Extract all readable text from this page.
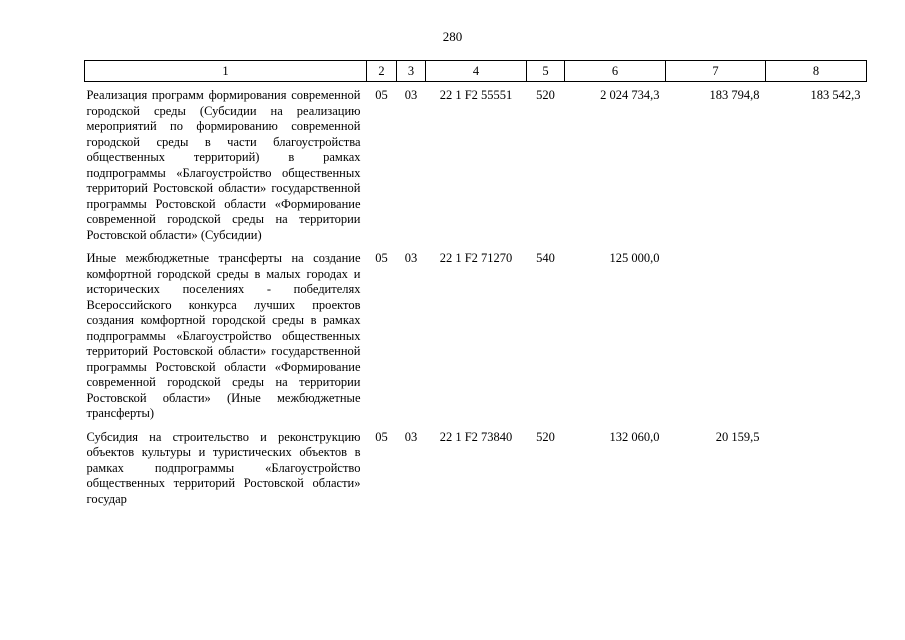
280
1	2	3	4	5	6	7	8
Реализация программ формирования современной городской среды (Субсидии на реализацию мероприятий по формированию современной городской среды в части благоустройства общественных территорий) в рамках подпрограммы «Благоустройство общественных территорий Ростовской области» государственной программы Ростовской области «Формирование современной городской среды на территории Ростовской области» (Субсидии)	05	03	22 1 F2 55551	520	2 024 734,3	183 794,8	183 542,3
Иные межбюджетные трансферты на создание комфортной городской среды в малых городах и исторических поселениях - победителях Всероссийского конкурса лучших проектов создания комфортной городской среды в рамках подпрограммы «Благоустройство общественных территорий Ростовской области» государственной программы Ростовской области «Формирование современной городской среды на территории Ростовской области» (Иные межбюджетные трансферты)	05	03	22 1 F2 71270	540	125 000,0		
Субсидия на строительство и реконструкцию объектов культуры и туристических объектов в рамках подпрограммы «Благоустройство общественных территорий Ростовской области» государ	05	03	22 1 F2 73840	520	132 060,0	20 159,5	
